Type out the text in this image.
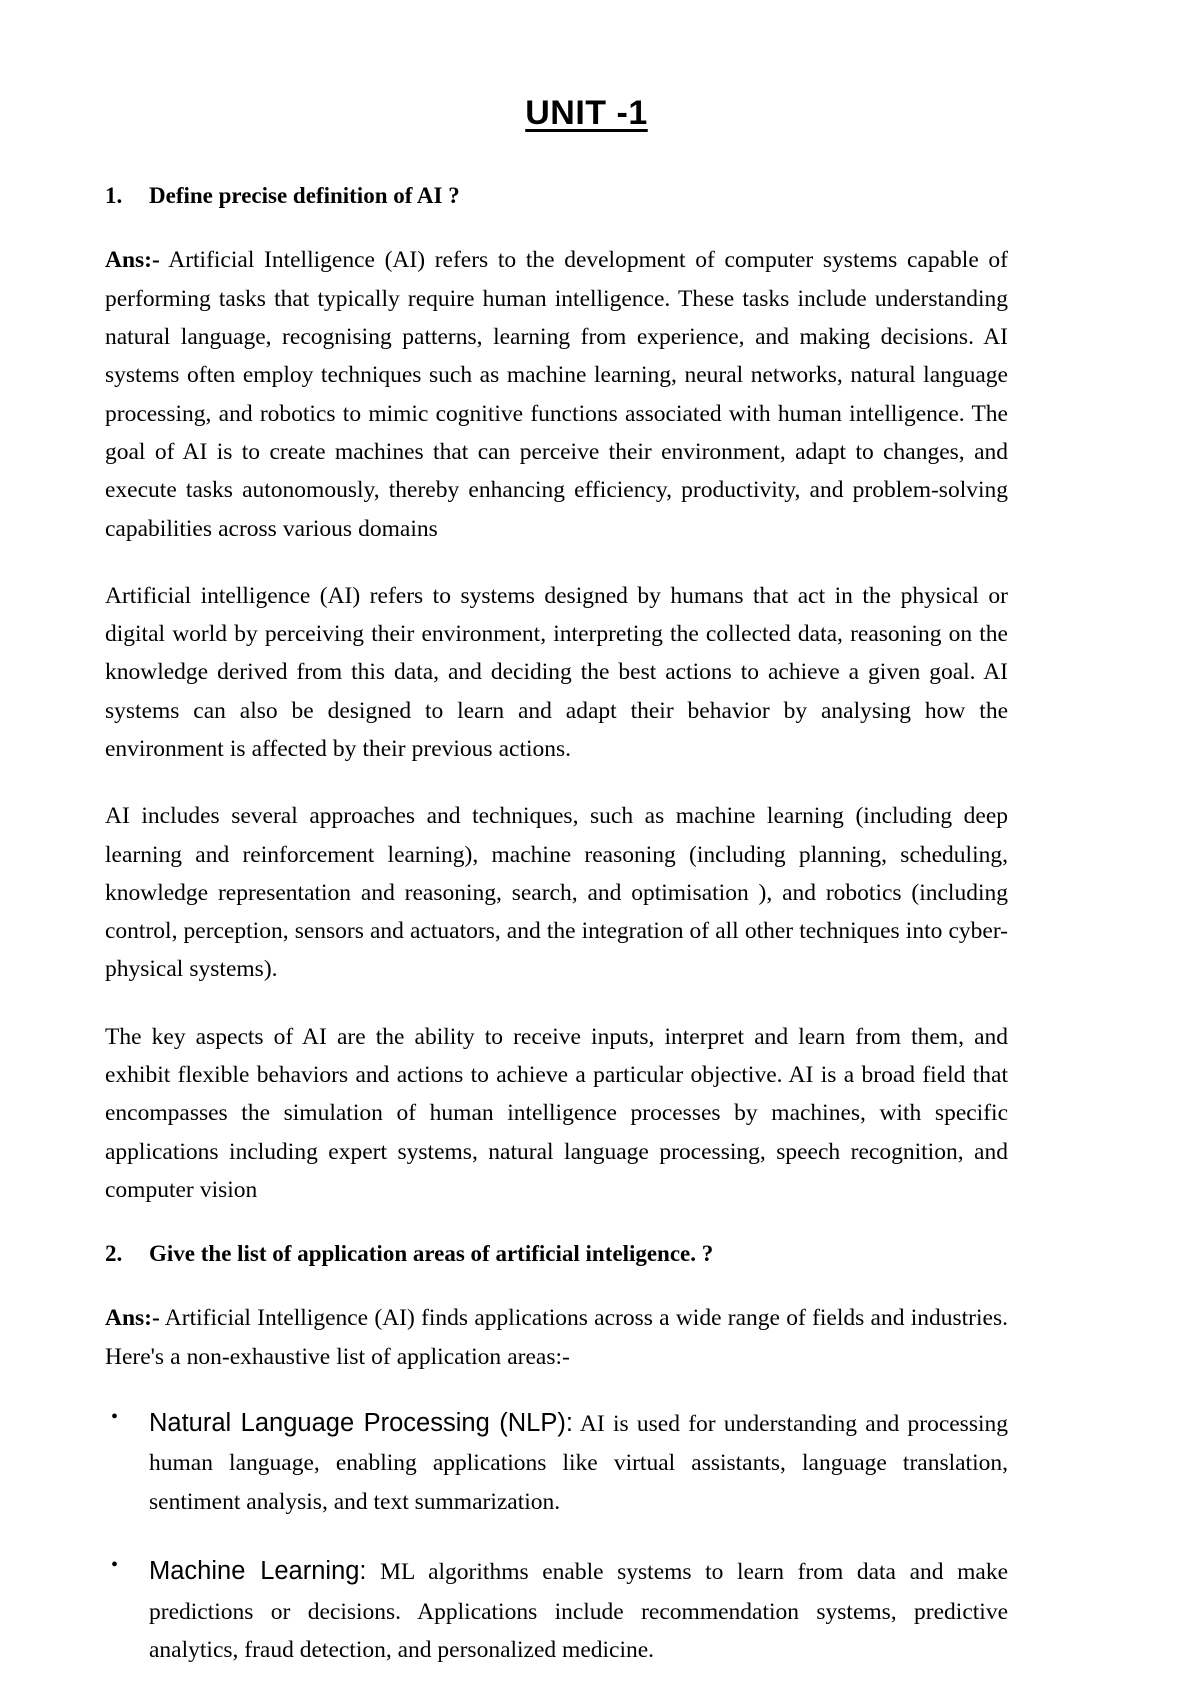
UNIT -1
1.	Define precise definition of AI ?

Ans:- Artificial Intelligence (AI) refers to the development of computer systems capable of performing tasks that typically require human intelligence. These tasks include understanding natural language, recognising patterns, learning from experience, and making decisions. AI systems often employ techniques such as machine learning, neural networks, natural language processing, and robotics to mimic cognitive functions associated with human intelligence. The goal of AI is to create machines that can perceive their environment, adapt to changes, and execute tasks autonomously, thereby enhancing efficiency, productivity, and problem-solving capabilities across various domains

Artificial intelligence (AI) refers to systems designed by humans that act in the physical or digital world by perceiving their environment, interpreting the collected data, reasoning on the knowledge derived from this data, and deciding the best actions to achieve a given goal. AI systems can also be designed to learn and adapt their behavior by analysing how the environment is affected by their previous actions.

AI includes several approaches and techniques, such as machine learning (including deep learning and reinforcement learning), machine reasoning (including planning, scheduling, knowledge representation and reasoning, search, and optimisation ), and robotics (including control, perception, sensors and actuators, and the integration of all other techniques into cyber-physical systems).

The key aspects of AI are the ability to receive inputs, interpret and learn from them, and exhibit flexible behaviors and actions to achieve a particular objective. AI is a broad field that encompasses the simulation of human intelligence processes by machines, with specific applications including expert systems, natural language processing, speech recognition, and computer vision

2.	Give the list of application areas of artificial inteligence. ?

Ans:- Artificial Intelligence (AI) finds applications across a wide range of fields and industries. Here's a non-exhaustive list of application areas:-

• Natural Language Processing (NLP): AI is used for understanding and processing human language, enabling applications like virtual assistants, language translation, sentiment analysis, and text summarization.
• Machine Learning: ML algorithms enable systems to learn from data and make predictions or decisions. Applications include recommendation systems, predictive analytics, fraud detection, and personalized medicine.
